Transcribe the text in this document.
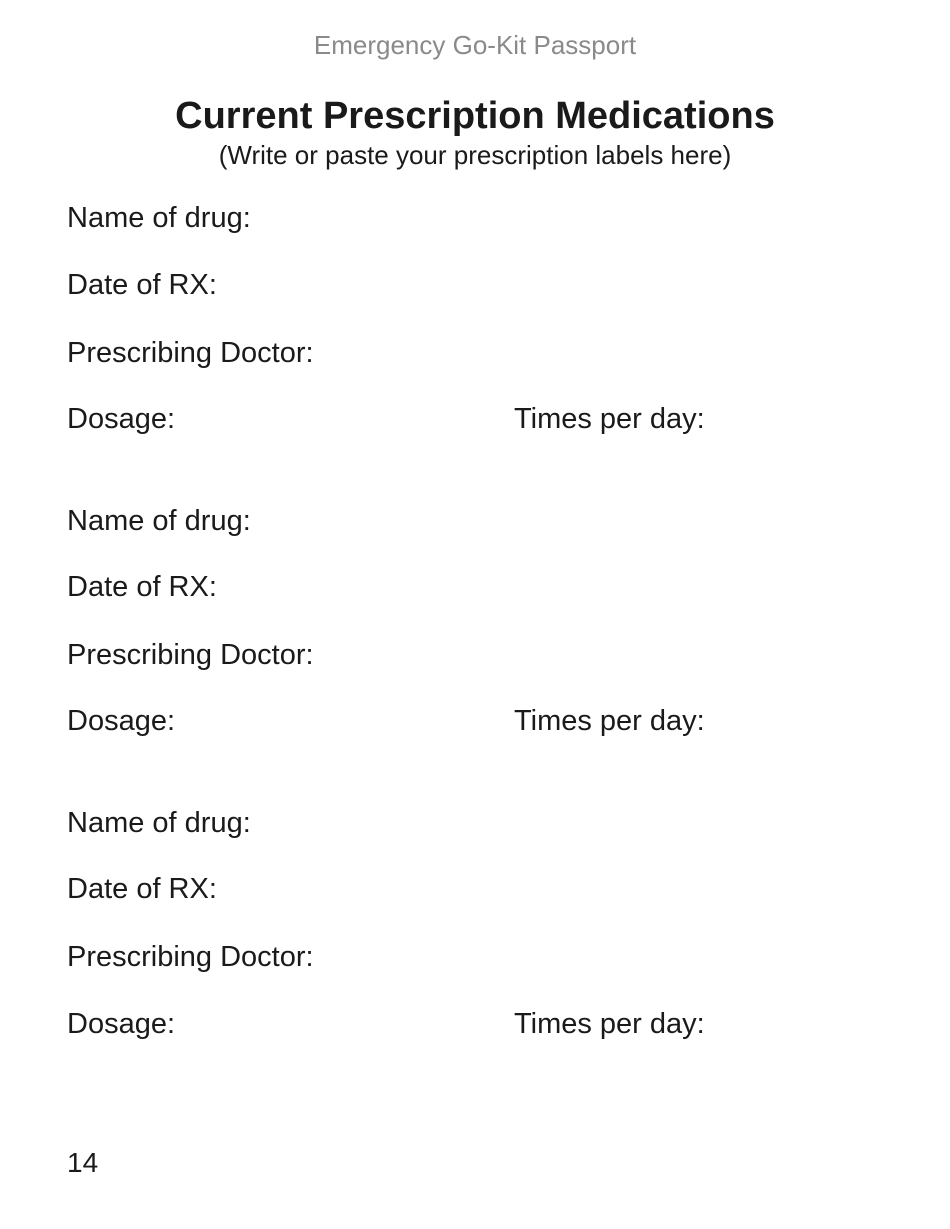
Emergency Go-Kit Passport
Current Prescription Medications
(Write or paste your prescription labels here)
Name of drug:
Date of RX:
Prescribing Doctor:
Dosage:	Times per day:
Name of drug:
Date of RX:
Prescribing Doctor:
Dosage:	Times per day:
Name of drug:
Date of RX:
Prescribing Doctor:
Dosage:	Times per day:
14
